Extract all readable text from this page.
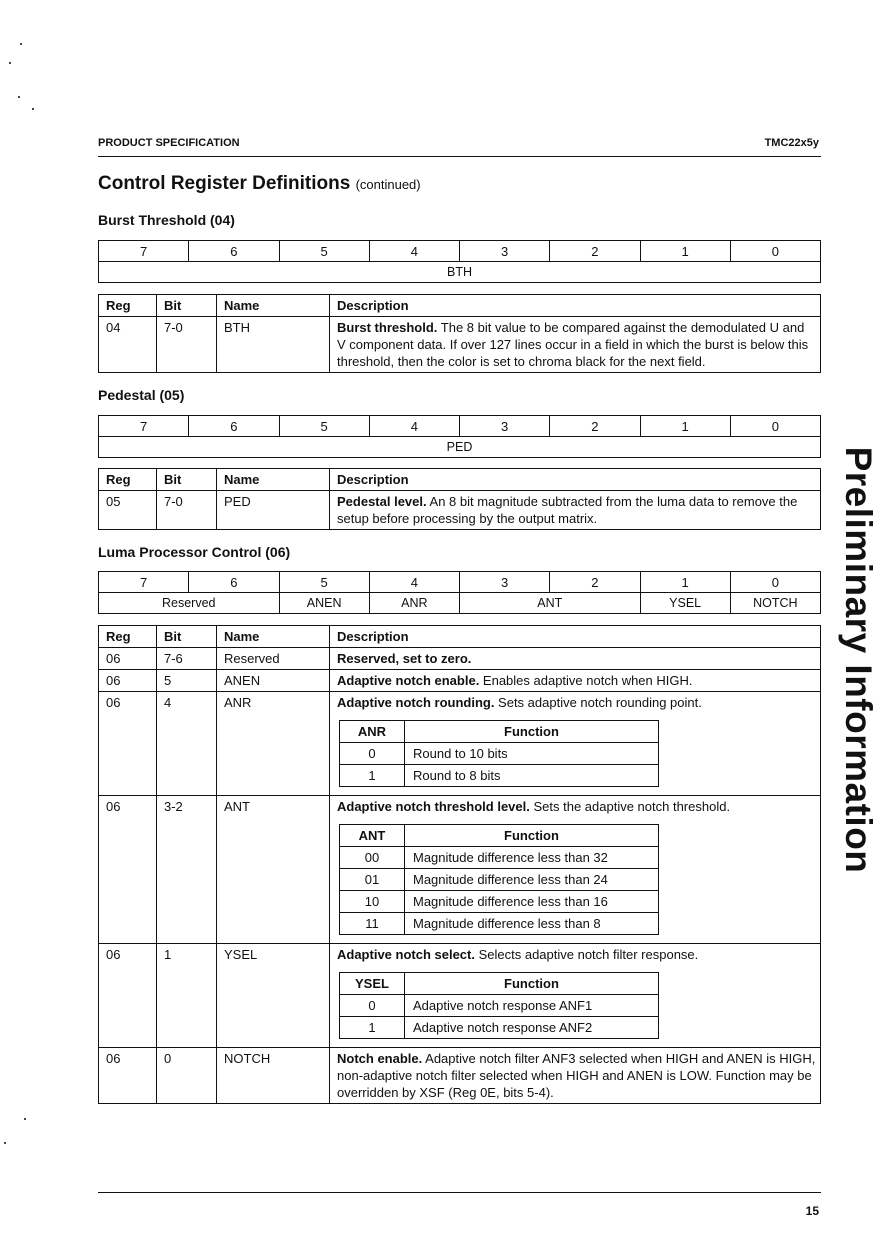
PRODUCT SPECIFICATION	TMC22x5y
Control Register Definitions (continued)
Burst Threshold (04)
7	6	5	4	3	2	1	0
BTH
Reg	Bit	Name	Description
04	7-0	BTH	Burst threshold. The 8 bit value to be compared against the demodulated U and V component data. If over 127 lines occur in a field in which the burst is below this threshold, then the color is set to chroma black for the next field.
Pedestal (05)
7	6	5	4	3	2	1	0
PED
Reg	Bit	Name	Description
05	7-0	PED	Pedestal level. An 8 bit magnitude subtracted from the luma data to remove the setup before processing by the output matrix.
Luma Processor Control (06)
7	6	5	4	3	2	1	0
Reserved		ANEN	ANR	ANT		YSEL	NOTCH
Reg	Bit	Name	Description
06	7-6	Reserved	Reserved, set to zero.
06	5	ANEN	Adaptive notch enable. Enables adaptive notch when HIGH.
06	4	ANR	Adaptive notch rounding. Sets adaptive notch rounding point.
ANR	Function
0	Round to 10 bits
1	Round to 8 bits

06	3-2	ANT	Adaptive notch threshold level. Sets the adaptive notch threshold.
ANT	Function
00	Magnitude difference less than 32
01	Magnitude difference less than 24
10	Magnitude difference less than 16
11	Magnitude difference less than 8

06	1	YSEL	Adaptive notch select. Selects adaptive notch filter response.
YSEL	Function
0	Adaptive notch response ANF1
1	Adaptive notch response ANF2

06	0	NOTCH	Notch enable. Adaptive notch filter ANF3 selected when HIGH and ANEN is HIGH, non-adaptive notch filter selected when HIGH and ANEN is LOW. Function may be overridden by XSF (Reg 0E, bits 5-4).
Preliminary Information
15
